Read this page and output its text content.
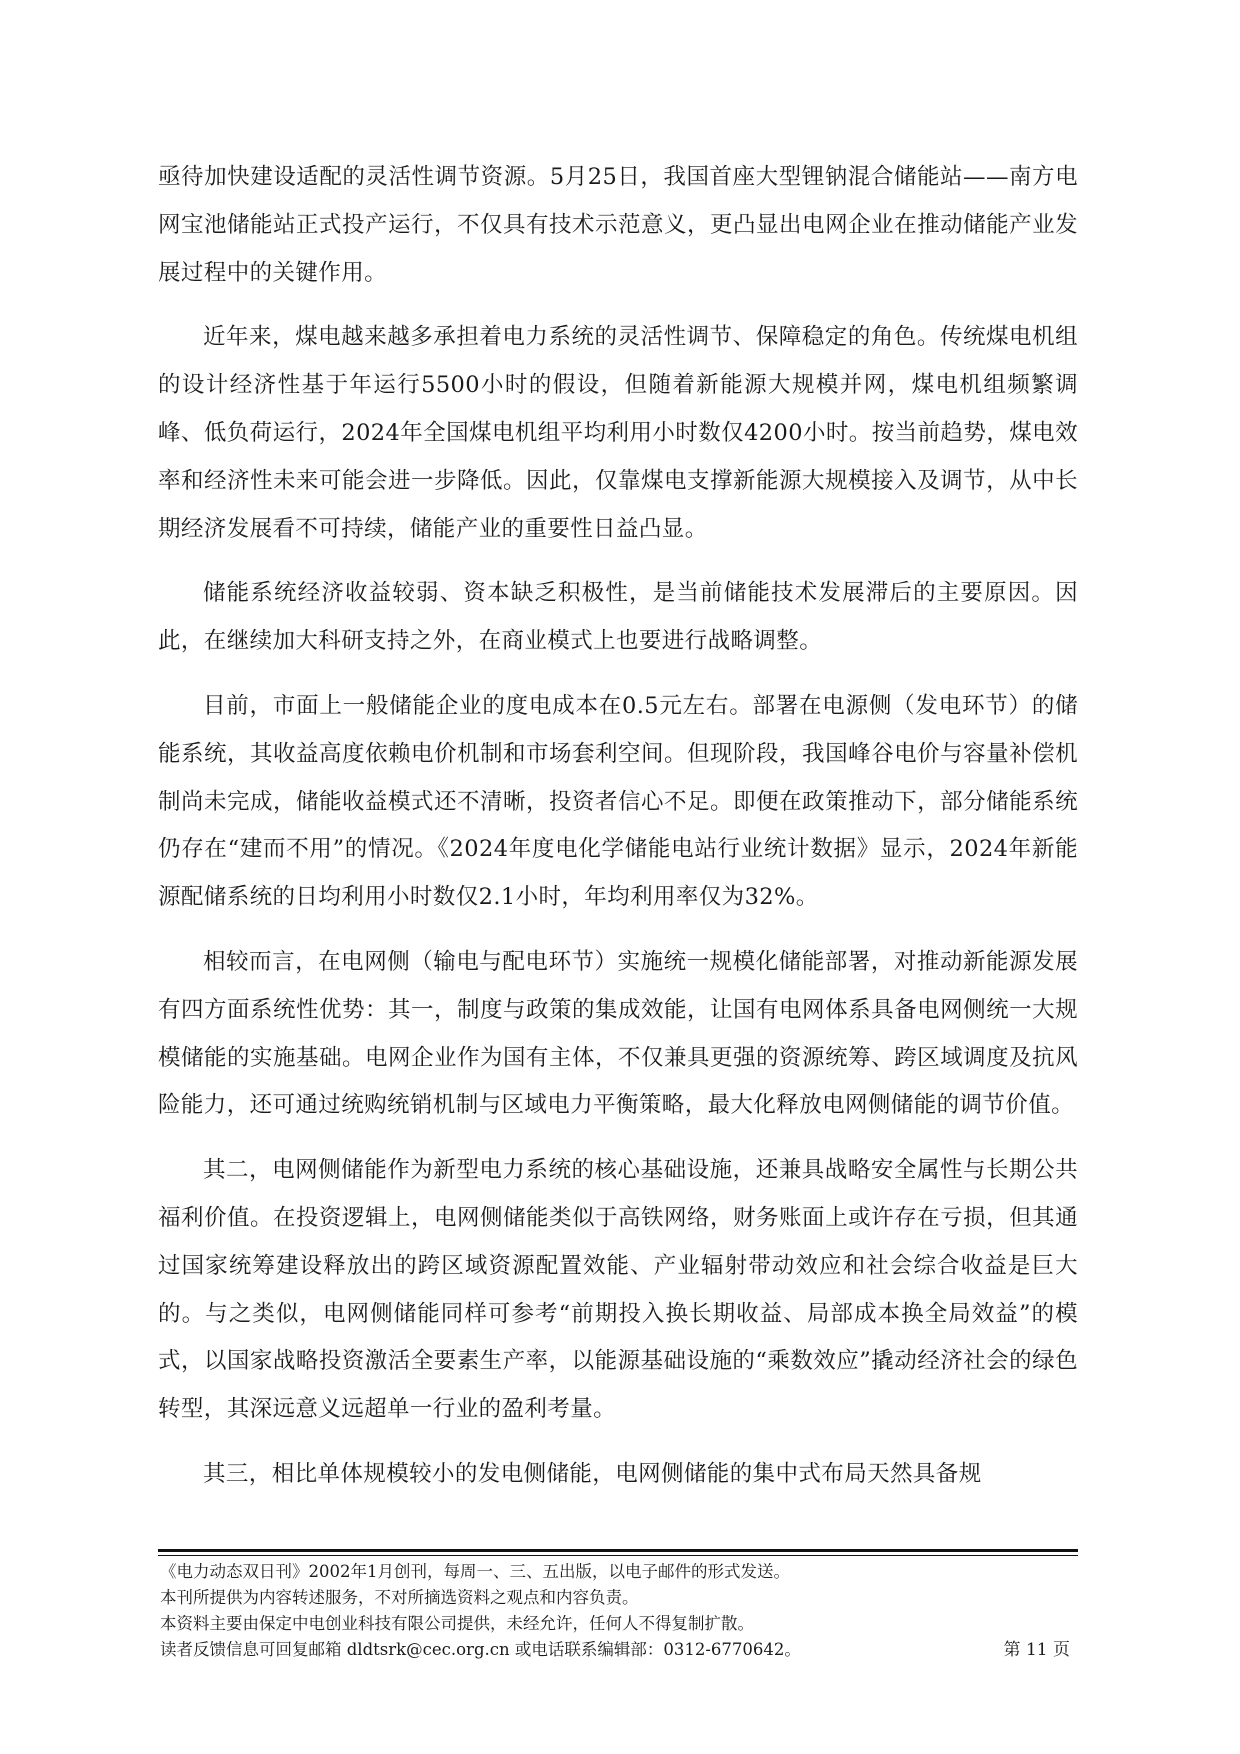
亟待加快建设适配的灵活性调节资源。5月25日，我国首座大型锂钠混合储能站——南方电网宝池储能站正式投产运行，不仅具有技术示范意义，更凸显出电网企业在推动储能产业发展过程中的关键作用。

近年来，煤电越来越多承担着电力系统的灵活性调节、保障稳定的角色。传统煤电机组的设计经济性基于年运行5500小时的假设，但随着新能源大规模并网，煤电机组频繁调峰、低负荷运行，2024年全国煤电机组平均利用小时数仅4200小时。按当前趋势，煤电效率和经济性未来可能会进一步降低。因此，仅靠煤电支撑新能源大规模接入及调节，从中长期经济发展看不可持续，储能产业的重要性日益凸显。

储能系统经济收益较弱、资本缺乏积极性，是当前储能技术发展滞后的主要原因。因此，在继续加大科研支持之外，在商业模式上也要进行战略调整。

目前，市面上一般储能企业的度电成本在0.5元左右。部署在电源侧（发电环节）的储能系统，其收益高度依赖电价机制和市场套利空间。但现阶段，我国峰谷电价与容量补偿机制尚未完成，储能收益模式还不清晰，投资者信心不足。即便在政策推动下，部分储能系统仍存在“建而不用”的情况。《2024年度电化学储能电站行业统计数据》显示，2024年新能源配储系统的日均利用小时数仅2.1小时，年均利用率仅为32%。

相较而言，在电网侧（输电与配电环节）实施统一规模化储能部署，对推动新能源发展有四方面系统性优势：其一，制度与政策的集成效能，让国有电网体系具备电网侧统一大规模储能的实施基础。电网企业作为国有主体，不仅兼具更强的资源统筹、跨区域调度及抗风险能力，还可通过统购统销机制与区域电力平衡策略，最大化释放电网侧储能的调节价值。

其二，电网侧储能作为新型电力系统的核心基础设施，还兼具战略安全属性与长期公共福利价值。在投资逻辑上，电网侧储能类似于高铁网络，财务账面上或许存在亏损，但其通过国家统筹建设释放出的跨区域资源配置效能、产业辐射带动效应和社会综合收益是巨大的。与之类似，电网侧储能同样可参考“前期投入换长期收益、局部成本换全局效益”的模式，以国家战略投资激活全要素生产率，以能源基础设施的“乘数效应”撬动经济社会的绿色转型，其深远意义远超单一行业的盈利考量。

其三，相比单体规模较小的发电侧储能，电网侧储能的集中式布局天然具备规

《电力动态双日刊》2002年1月创刊，每周一、三、五出版，以电子邮件的形式发送。
本刊所提供为内容转述服务，不对所摘选资料之观点和内容负责。
本资料主要由保定中电创业科技有限公司提供，未经允许，任何人不得复制扩散。
读者反馈信息可回复邮箱 dldtsrk@cec.org.cn 或电话联系编辑部：0312-6770642。	第 11 页
